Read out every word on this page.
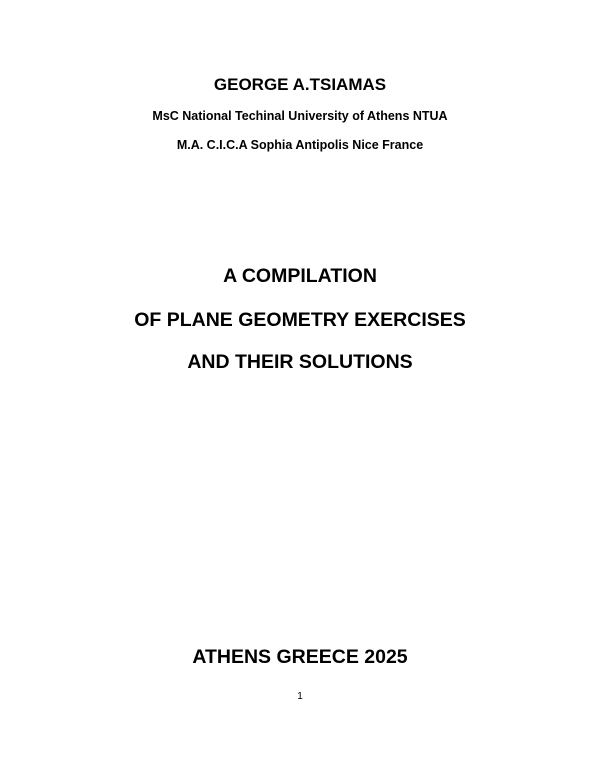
GEORGE A.TSIAMAS
MsC National Techinal University of Athens NTUA
M.A. C.I.C.A Sophia Antipolis Nice France
A COMPILATION
OF PLANE GEOMETRY EXERCISES
AND THEIR SOLUTIONS
ATHENS GREECE 2025
1
